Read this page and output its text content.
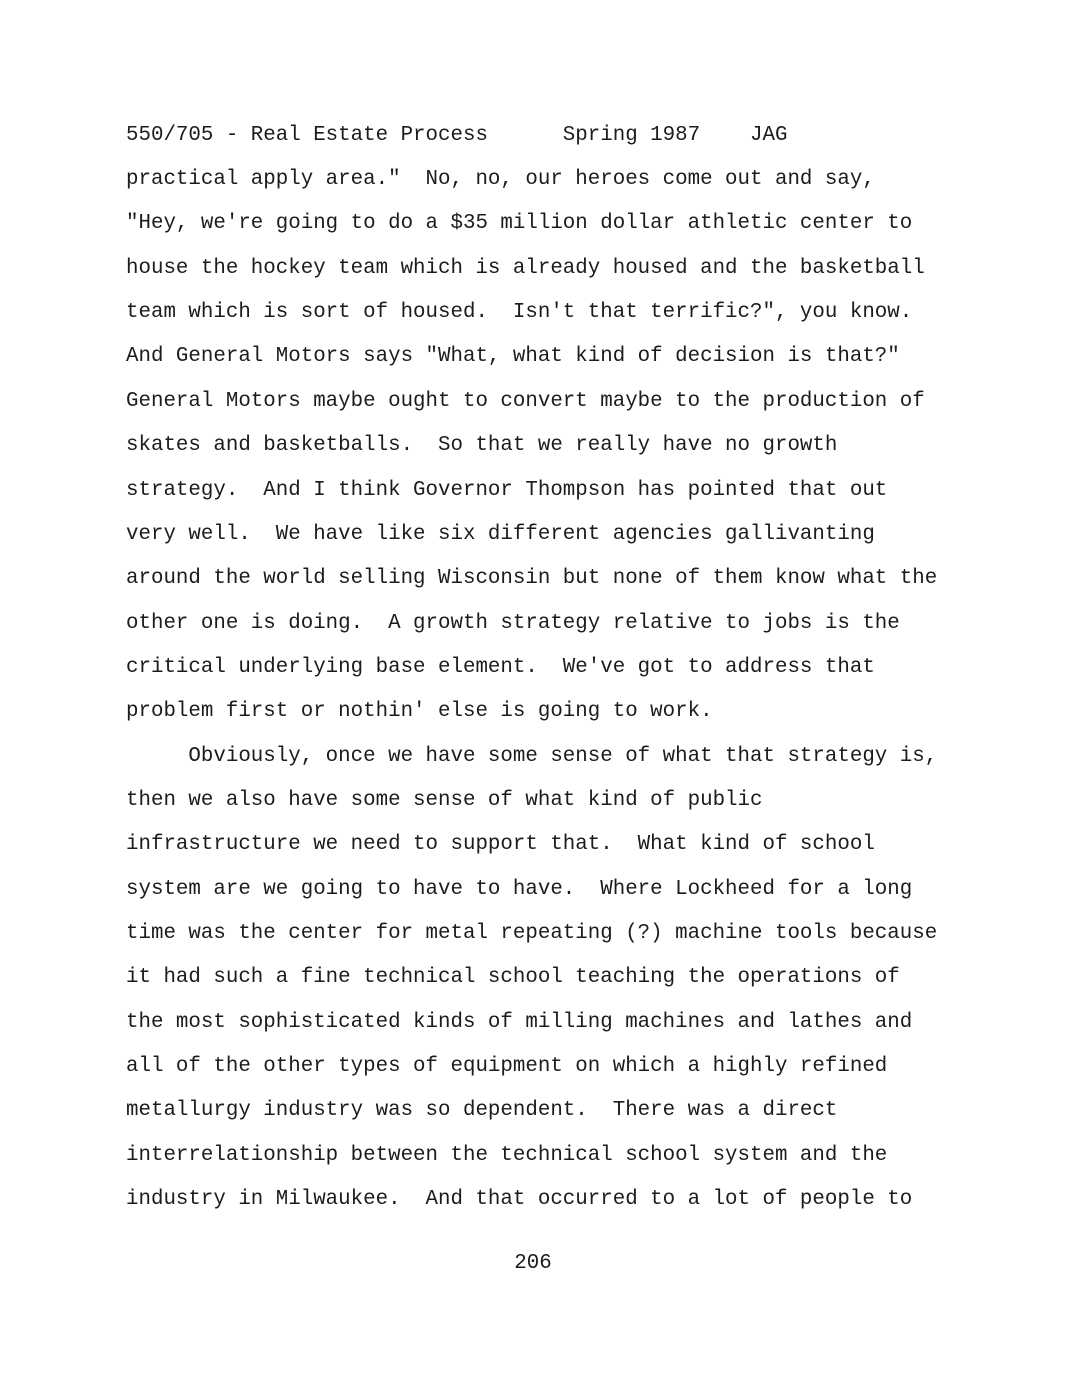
550/705 - Real Estate Process      Spring 1987    JAG
practical apply area."  No, no, our heroes come out and say,
"Hey, we're going to do a $35 million dollar athletic center to
house the hockey team which is already housed and the basketball
team which is sort of housed.  Isn't that terrific?", you know.
And General Motors says "What, what kind of decision is that?"
General Motors maybe ought to convert maybe to the production of
skates and basketballs.  So that we really have no growth
strategy.  And I think Governor Thompson has pointed that out
very well.  We have like six different agencies gallivanting
around the world selling Wisconsin but none of them know what the
other one is doing.  A growth strategy relative to jobs is the
critical underlying base element.  We've got to address that
problem first or nothin' else is going to work.
Obviously, once we have some sense of what that strategy is,
then we also have some sense of what kind of public
infrastructure we need to support that.  What kind of school
system are we going to have to have.  Where Lockheed for a long
time was the center for metal repeating (?) machine tools because
it had such a fine technical school teaching the operations of
the most sophisticated kinds of milling machines and lathes and
all of the other types of equipment on which a highly refined
metallurgy industry was so dependent.  There was a direct
interrelationship between the technical school system and the
industry in Milwaukee.  And that occurred to a lot of people to
206
